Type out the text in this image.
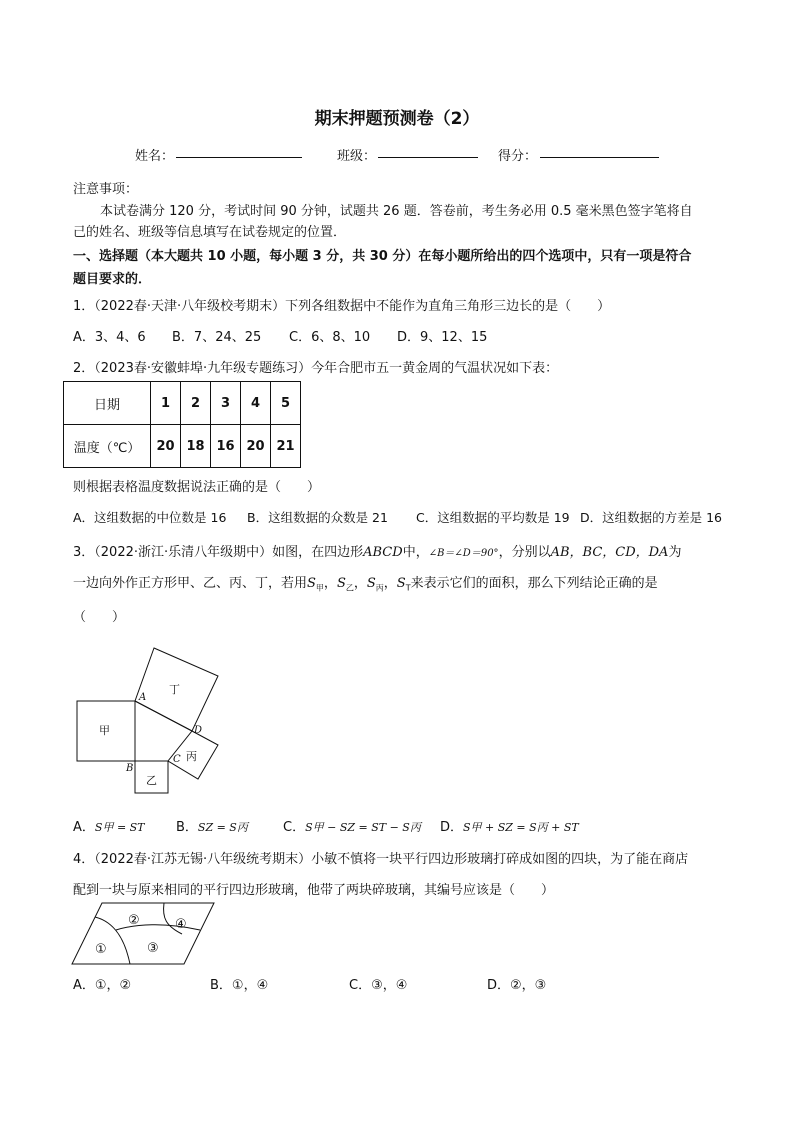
期末押题预测卷（2）
姓名：	班级：	得分：
注意事项：
本试卷满分 120 分，考试时间 90 分钟，试题共 26 题．答卷前，考生务必用 0.5 毫米黑色签字笔将自
己的姓名、班级等信息填写在试卷规定的位置．
一、选择题（本大题共 10 小题，每小题 3 分，共 30 分）在每小题所给出的四个选项中，只有一项是符合
题目要求的．
1．（2022春·天津·八年级校考期末）下列各组数据中不能作为直角三角形三边长的是（　　）
A．3、4、6 B．7、24、25 C．6、8、10 D．9、12、15
2．（2023春·安徽蚌埠·九年级专题练习）今年合肥市五一黄金周的气温状况如下表：
日期	1	2	3	4	5
温度（℃）	20	18	16	20	21
则根据表格温度数据说法正确的是（　　）
A．这组数据的中位数是 16 B．这组数据的众数是 21 C．这组数据的平均数是 19 D．这组数据的方差是 16
3．（2022·浙江·乐清八年级期中）如图，在四边形ABCD中，∠B＝∠D＝90°，分别以AB，BC，CD，DA为
一边向外作正方形甲、乙、丙、丁，若用$S_甲$，$S_乙$，$S_丙$，$S_T$来表示它们的面积，那么下列结论正确的是
（　　）
甲
乙
丙
丁
A
B
C
D
A．S甲 = ST B．SZ = S丙	C．S甲 − SZ = ST − S丙 D．S甲 + SZ = S丙 + ST
4．（2022春·江苏无锡·八年级统考期末）小敏不慎将一块平行四边形玻璃打碎成如图的四块，为了能在商店
配到一块与原来相同的平行四边形玻璃，他带了两块碎玻璃，其编号应该是（　　）
①
②
③
④
A．①，②	B．①，④	C．③，④	D．②，③
